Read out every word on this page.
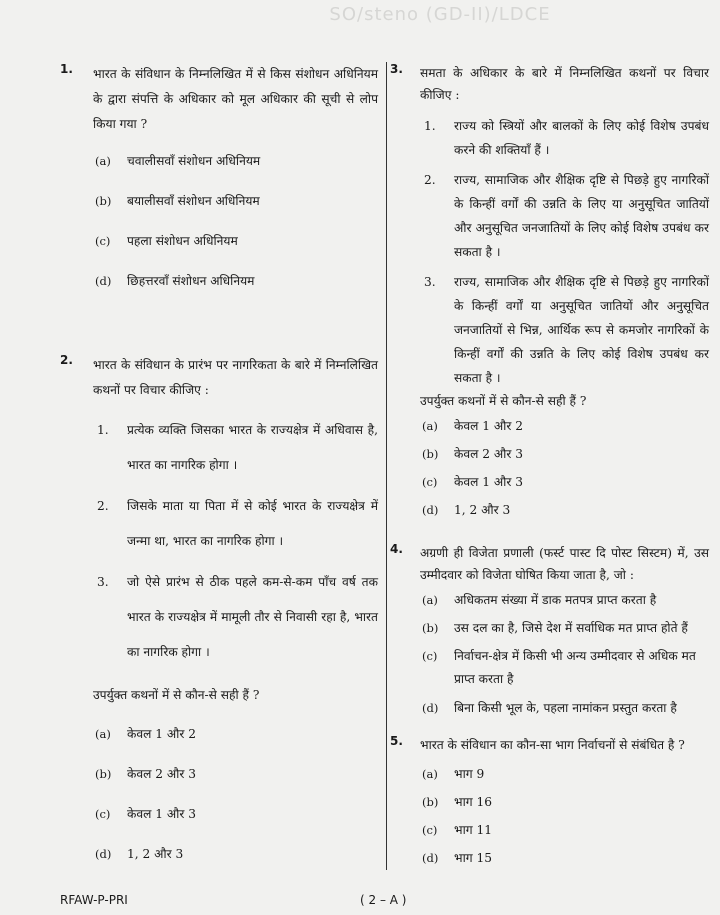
SO/steno (GD-II)/LDCE
1. भारत के संविधान के निम्नलिखित में से किस संशोधन अधिनियम के द्वारा संपत्ति के अधिकार को मूल अधिकार की सूची से लोप किया गया ?
(a) चवालीसवाँ संशोधन अधिनियम
(b) बयालीसवाँ संशोधन अधिनियम
(c) पहला संशोधन अधिनियम
(d) छिहत्तरवाँ संशोधन अधिनियम
2. भारत के संविधान के प्रारंभ पर नागरिकता के बारे में निम्नलिखित कथनों पर विचार कीजिए :
1. प्रत्येक व्यक्ति जिसका भारत के राज्यक्षेत्र में अधिवास है, भारत का नागरिक होगा ।
2. जिसके माता या पिता में से कोई भारत के राज्यक्षेत्र में जन्मा था, भारत का नागरिक होगा ।
3. जो ऐसे प्रारंभ से ठीक पहले कम-से-कम पाँच वर्ष तक भारत के राज्यक्षेत्र में मामूली तौर से निवासी रहा है, भारत का नागरिक होगा ।
उपर्युक्त कथनों में से कौन-से सही हैं ?
(a) केवल 1 और 2
(b) केवल 2 और 3
(c) केवल 1 और 3
(d) 1, 2 और 3
3. समता के अधिकार के बारे में निम्नलिखित कथनों पर विचार कीजिए :
1. राज्य को स्त्रियों और बालकों के लिए कोई विशेष उपबंध करने की शक्तियाँ हैं ।
2. राज्य, सामाजिक और शैक्षिक दृष्टि से पिछड़े हुए नागरिकों के किन्हीं वर्गों की उन्नति के लिए या अनुसूचित जातियों और अनुसूचित जनजातियों के लिए कोई विशेष उपबंध कर सकता है ।
3. राज्य, सामाजिक और शैक्षिक दृष्टि से पिछड़े हुए नागरिकों के किन्हीं वर्गों या अनुसूचित जातियों और अनुसूचित जनजातियों से भिन्न, आर्थिक रूप से कमजोर नागरिकों के किन्हीं वर्गों की उन्नति के लिए कोई विशेष उपबंध कर सकता है ।
उपर्युक्त कथनों में से कौन-से सही हैं ?
(a) केवल 1 और 2
(b) केवल 2 और 3
(c) केवल 1 और 3
(d) 1, 2 और 3
4. अग्रणी ही विजेता प्रणाली (फर्स्ट पास्ट दि पोस्ट सिस्टम) में, उस उम्मीदवार को विजेता घोषित किया जाता है, जो :
(a) अधिकतम संख्या में डाक मतपत्र प्राप्त करता है
(b) उस दल का है, जिसे देश में सर्वाधिक मत प्राप्त होते हैं
(c) निर्वाचन-क्षेत्र में किसी भी अन्य उम्मीदवार से अधिक मत प्राप्त करता है
(d) बिना किसी भूल के, पहला नामांकन प्रस्तुत करता है
5. भारत के संविधान का कौन-सा भाग निर्वाचनों से संबंधित है ?
(a) भाग 9
(b) भाग 16
(c) भाग 11
(d) भाग 15
RFAW-P-PRI	( 2 – A )
